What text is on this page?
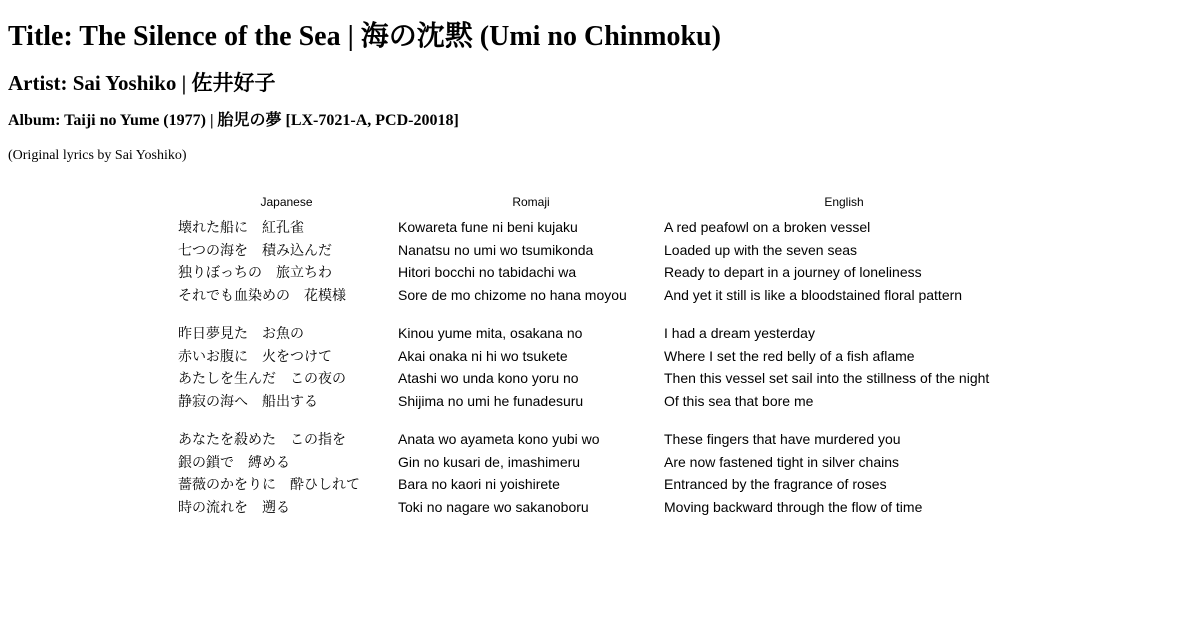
Title: The Silence of the Sea | 海の沈黙 (Umi no Chinmoku)
Artist: Sai Yoshiko | 佐井好子
Album: Taiji no Yume (1977) | 胎児の夢 [LX-7021-A, PCD-20018]

(Original lyrics by Sai Yoshiko)

Japanese	Romaji	English
壊れた船に　紅孔雀	Kowareta fune ni beni kujaku	A red peafowl on a broken vessel
七つの海を　積み込んだ	Nanatsu no umi wo tsumikonda	Loaded up with the seven seas
独りぼっちの　旅立ちわ	Hitori bocchi no tabidachi wa	Ready to depart in a journey of loneliness
それでも血染めの　花模様	Sore de mo chizome no hana moyou	And yet it still is like a bloodstained floral pattern

昨日夢見た　お魚の	Kinou yume mita, osakana no	I had a dream yesterday
赤いお腹に　火をつけて	Akai onaka ni hi wo tsukete	Where I set the red belly of a fish aflame
あたしを生んだ　この夜の	Atashi wo unda kono yoru no	Then this vessel set sail into the stillness of the night
静寂の海へ　船出する	Shijima no umi he funadesuru	Of this sea that bore me

あなたを殺めた　この指を	Anata wo ayameta kono yubi wo	These fingers that have murdered you
銀の鎖で　縛める	Gin no kusari de, imashimeru	Are now fastened tight in silver chains
薔薇のかをりに　酔ひしれて	Bara no kaori ni yoishirete	Entranced by the fragrance of roses
時の流れを　遡る	Toki no nagare wo sakanoboru	Moving backward through the flow of time
